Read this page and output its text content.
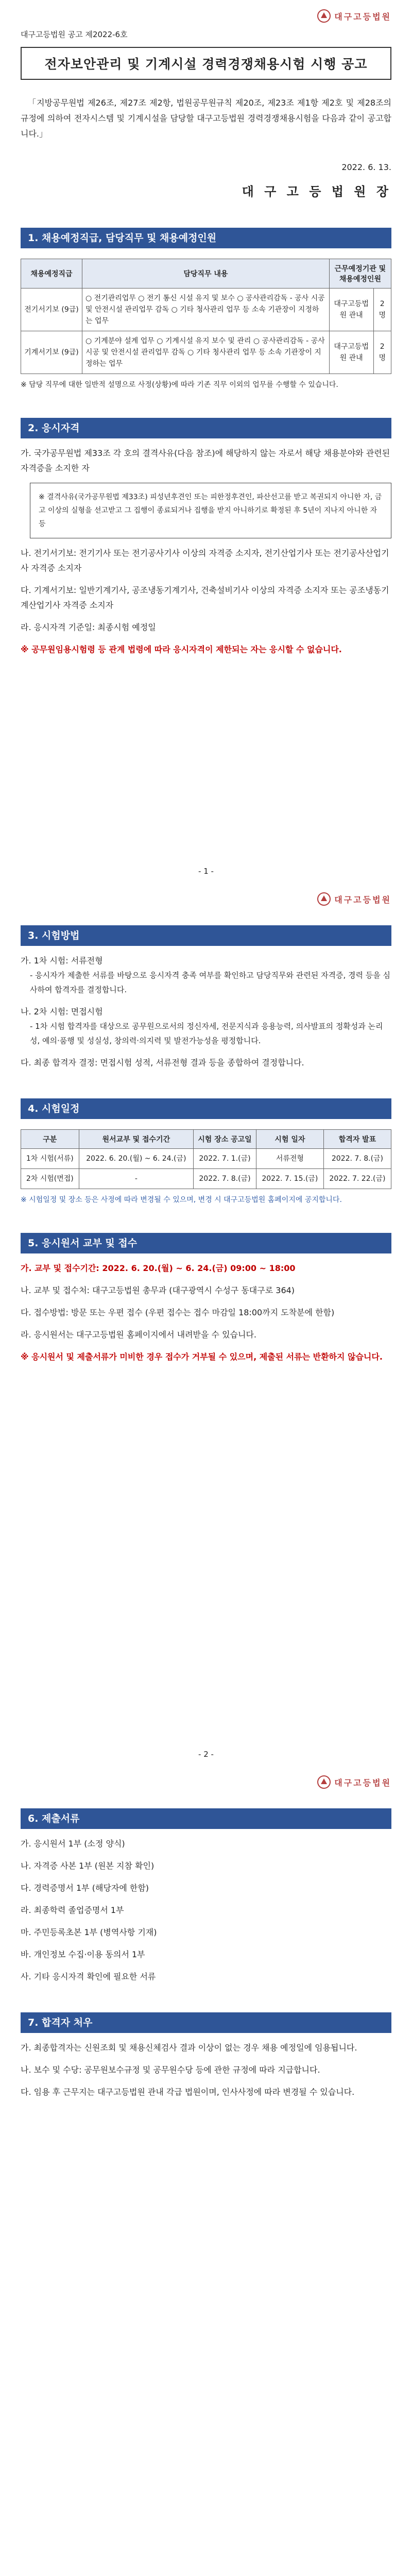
대구고등법원
대구고등법원 공고 제2022-6호
전자보안관리 및 기계시설 경력경쟁채용시험 시행 공고
「지방공무원법 제26조, 제27조 제2항, 법원공무원규칙 제20조, 제23조 제1항 제2호 및 제28조의 규정에 의하여 전자시스템 및 기계시설을 담당할 대구고등법원 경력경쟁채용시험을 다음과 같이 공고합니다.」
2022. 6. 13.
대 구 고 등 법 원 장
1. 채용예정직급, 담당직무 및 채용예정인원
채용예정직급	담당직무 내용	근무예정기관 및 채용예정인원	
전기서기보 (9급)	○ 전기관리업무 ○ 전기 통신 시설 유지 및 보수 ○ 공사관리감독 - 공사 시공 및 안전시설 관리업무 감독 ○ 기타 청사관리 업무 등 소속 기관장이 지정하는 업무	대구고등법원 관내	2명
기계서기보 (9급)	○ 기계분야 설계 업무 ○ 기계시설 유지 보수 및 관리 ○ 공사관리감독 - 공사 시공 및 안전시설 관리업무 감독 ○ 기타 청사관리 업무 등 소속 기관장이 지정하는 업무	대구고등법원 관내	2명
※ 담당 직무에 대한 일반적 설명으로 사정(상황)에 따라 기존 직무 이외의 업무를 수행할 수 있습니다.
2. 응시자격
가. 국가공무원법 제33조 각 호의 결격사유(다음 참조)에 해당하지 않는 자로서 해당 채용분야와 관련된 자격증을 소지한 자
※ 결격사유(국가공무원법 제33조) 피성년후견인 또는 피한정후견인, 파산선고를 받고 복권되지 아니한 자, 금고 이상의 실형을 선고받고 그 집행이 종료되거나 집행을 받지 아니하기로 확정된 후 5년이 지나지 아니한 자 등
나. 전기서기보: 전기기사 또는 전기공사기사 이상의 자격증 소지자, 전기산업기사 또는 전기공사산업기사 자격증 소지자
다. 기계서기보: 일반기계기사, 공조냉동기계기사, 건축설비기사 이상의 자격증 소지자 또는 공조냉동기계산업기사 자격증 소지자
라. 응시자격 기준일: 최종시험 예정일
※ 공무원임용시험령 등 관계 법령에 따라 응시자격이 제한되는 자는 응시할 수 없습니다.
- 1 -
대구고등법원
3. 시험방법
가. 1차 시험: 서류전형
- 응시자가 제출한 서류를 바탕으로 응시자격 충족 여부를 확인하고 담당직무와 관련된 자격증, 경력 등을 심사하여 합격자를 결정합니다.
나. 2차 시험: 면접시험
- 1차 시험 합격자를 대상으로 공무원으로서의 정신자세, 전문지식과 응용능력, 의사발표의 정확성과 논리성, 예의·품행 및 성실성, 창의력·의지력 및 발전가능성을 평정합니다.
다. 최종 합격자 결정: 면접시험 성적, 서류전형 결과 등을 종합하여 결정합니다.
4. 시험일정
구분	원서교부 및 접수기간	시험 장소 공고일	시험 일자	합격자 발표
1차 시험(서류)	2022. 6. 20.(월) ~ 6. 24.(금)	2022. 7. 1.(금)	서류전형	2022. 7. 8.(금)
2차 시험(면접)	-	2022. 7. 8.(금)	2022. 7. 15.(금)	2022. 7. 22.(금)
※ 시험일정 및 장소 등은 사정에 따라 변경될 수 있으며, 변경 시 대구고등법원 홈페이지에 공지합니다.
5. 응시원서 교부 및 접수
가. 교부 및 접수기간: 2022. 6. 20.(월) ~ 6. 24.(금) 09:00 ~ 18:00
나. 교부 및 접수처: 대구고등법원 총무과 (대구광역시 수성구 동대구로 364)
다. 접수방법: 방문 또는 우편 접수 (우편 접수는 접수 마감일 18:00까지 도착분에 한함)
라. 응시원서는 대구고등법원 홈페이지에서 내려받을 수 있습니다.
※ 응시원서 및 제출서류가 미비한 경우 접수가 거부될 수 있으며, 제출된 서류는 반환하지 않습니다.
- 2 -
대구고등법원
6. 제출서류
가. 응시원서 1부 (소정 양식)
나. 자격증 사본 1부 (원본 지참 확인)
다. 경력증명서 1부 (해당자에 한함)
라. 최종학력 졸업증명서 1부
마. 주민등록초본 1부 (병역사항 기재)
바. 개인정보 수집·이용 동의서 1부
사. 기타 응시자격 확인에 필요한 서류
7. 합격자 처우
가. 최종합격자는 신원조회 및 채용신체검사 결과 이상이 없는 경우 채용 예정일에 임용됩니다.
나. 보수 및 수당: 공무원보수규정 및 공무원수당 등에 관한 규정에 따라 지급합니다.
다. 임용 후 근무지는 대구고등법원 관내 각급 법원이며, 인사사정에 따라 변경될 수 있습니다.
